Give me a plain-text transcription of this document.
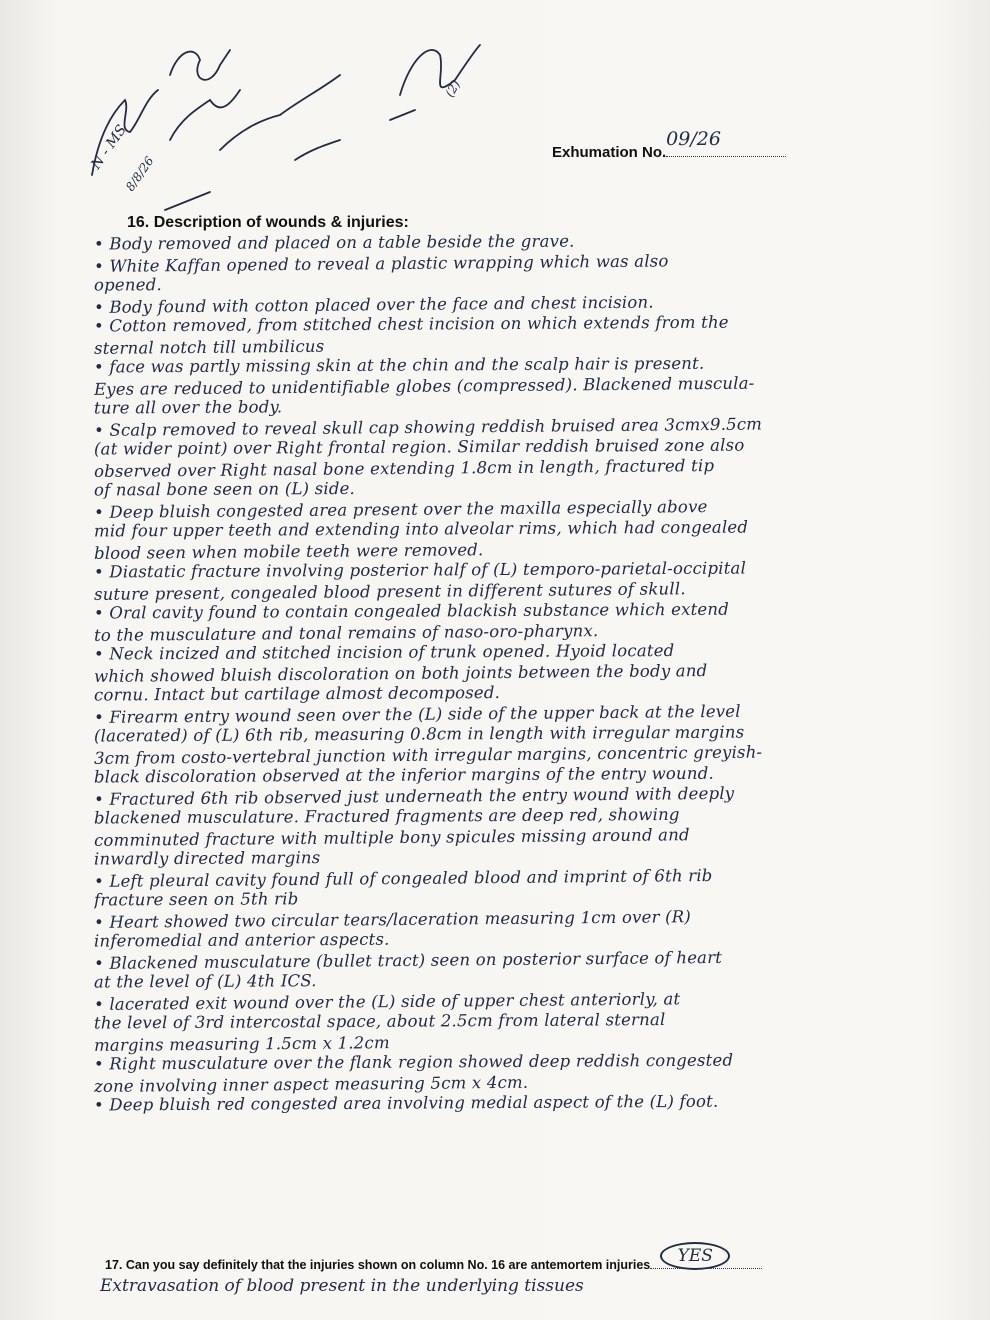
N - MS
8/8/26
(2)
Exhumation No.
09/26
16. Description of wounds & injuries:
• Body removed and placed on a table beside the grave.
• White Kaffan opened to reveal a plastic wrapping which was also
opened.
• Body found with cotton placed over the face and chest incision.
• Cotton removed, from stitched chest incision on which extends from the
sternal notch till umbilicus
• face was partly missing skin at the chin and the scalp hair is present.
Eyes are reduced to unidentifiable globes (compressed). Blackened muscula-
ture all over the body.
• Scalp removed to reveal skull cap showing reddish bruised area 3cmx9.5cm
(at wider point) over Right frontal region. Similar reddish bruised zone also
observed over Right nasal bone extending 1.8cm in length, fractured tip
of nasal bone seen on (L) side.
• Deep bluish congested area present over the maxilla especially above
mid four upper teeth and extending into alveolar rims, which had congealed
blood seen when mobile teeth were removed.
• Diastatic fracture involving posterior half of (L) temporo-parietal-occipital
suture present, congealed blood present in different sutures of skull.
• Oral cavity found to contain congealed blackish substance which extend
to the musculature and tonal remains of naso-oro-pharynx.
• Neck incized and stitched incision of trunk opened. Hyoid located
which showed bluish discoloration on both joints between the body and
cornu. Intact but cartilage almost decomposed.
• Firearm entry wound seen over the (L) side of the upper back at the level
(lacerated) of (L) 6th rib, measuring 0.8cm in length with irregular margins
3cm from costo-vertebral junction with irregular margins, concentric greyish-
black discoloration observed at the inferior margins of the entry wound.
• Fractured 6th rib observed just underneath the entry wound with deeply
blackened musculature. Fractured fragments are deep red, showing
comminuted fracture with multiple bony spicules missing around and
inwardly directed margins
• Left pleural cavity found full of congealed blood and imprint of 6th rib
fracture seen on 5th rib
• Heart showed two circular tears/laceration measuring 1cm over (R)
inferomedial and anterior aspects.
• Blackened musculature (bullet tract) seen on posterior surface of heart
at the level of (L) 4th ICS.
• lacerated exit wound over the (L) side of upper chest anteriorly, at
the level of 3rd intercostal space, about 2.5cm from lateral sternal
margins measuring 1.5cm x 1.2cm
• Right musculature over the flank region showed deep reddish congested
zone involving inner aspect measuring 5cm x 4cm.
• Deep bluish red congested area involving medial aspect of the (L) foot.
17. Can you say definitely that the injuries shown on column No. 16 are antemortem injuries	YES
Extravasation of blood present in the underlying tissues
